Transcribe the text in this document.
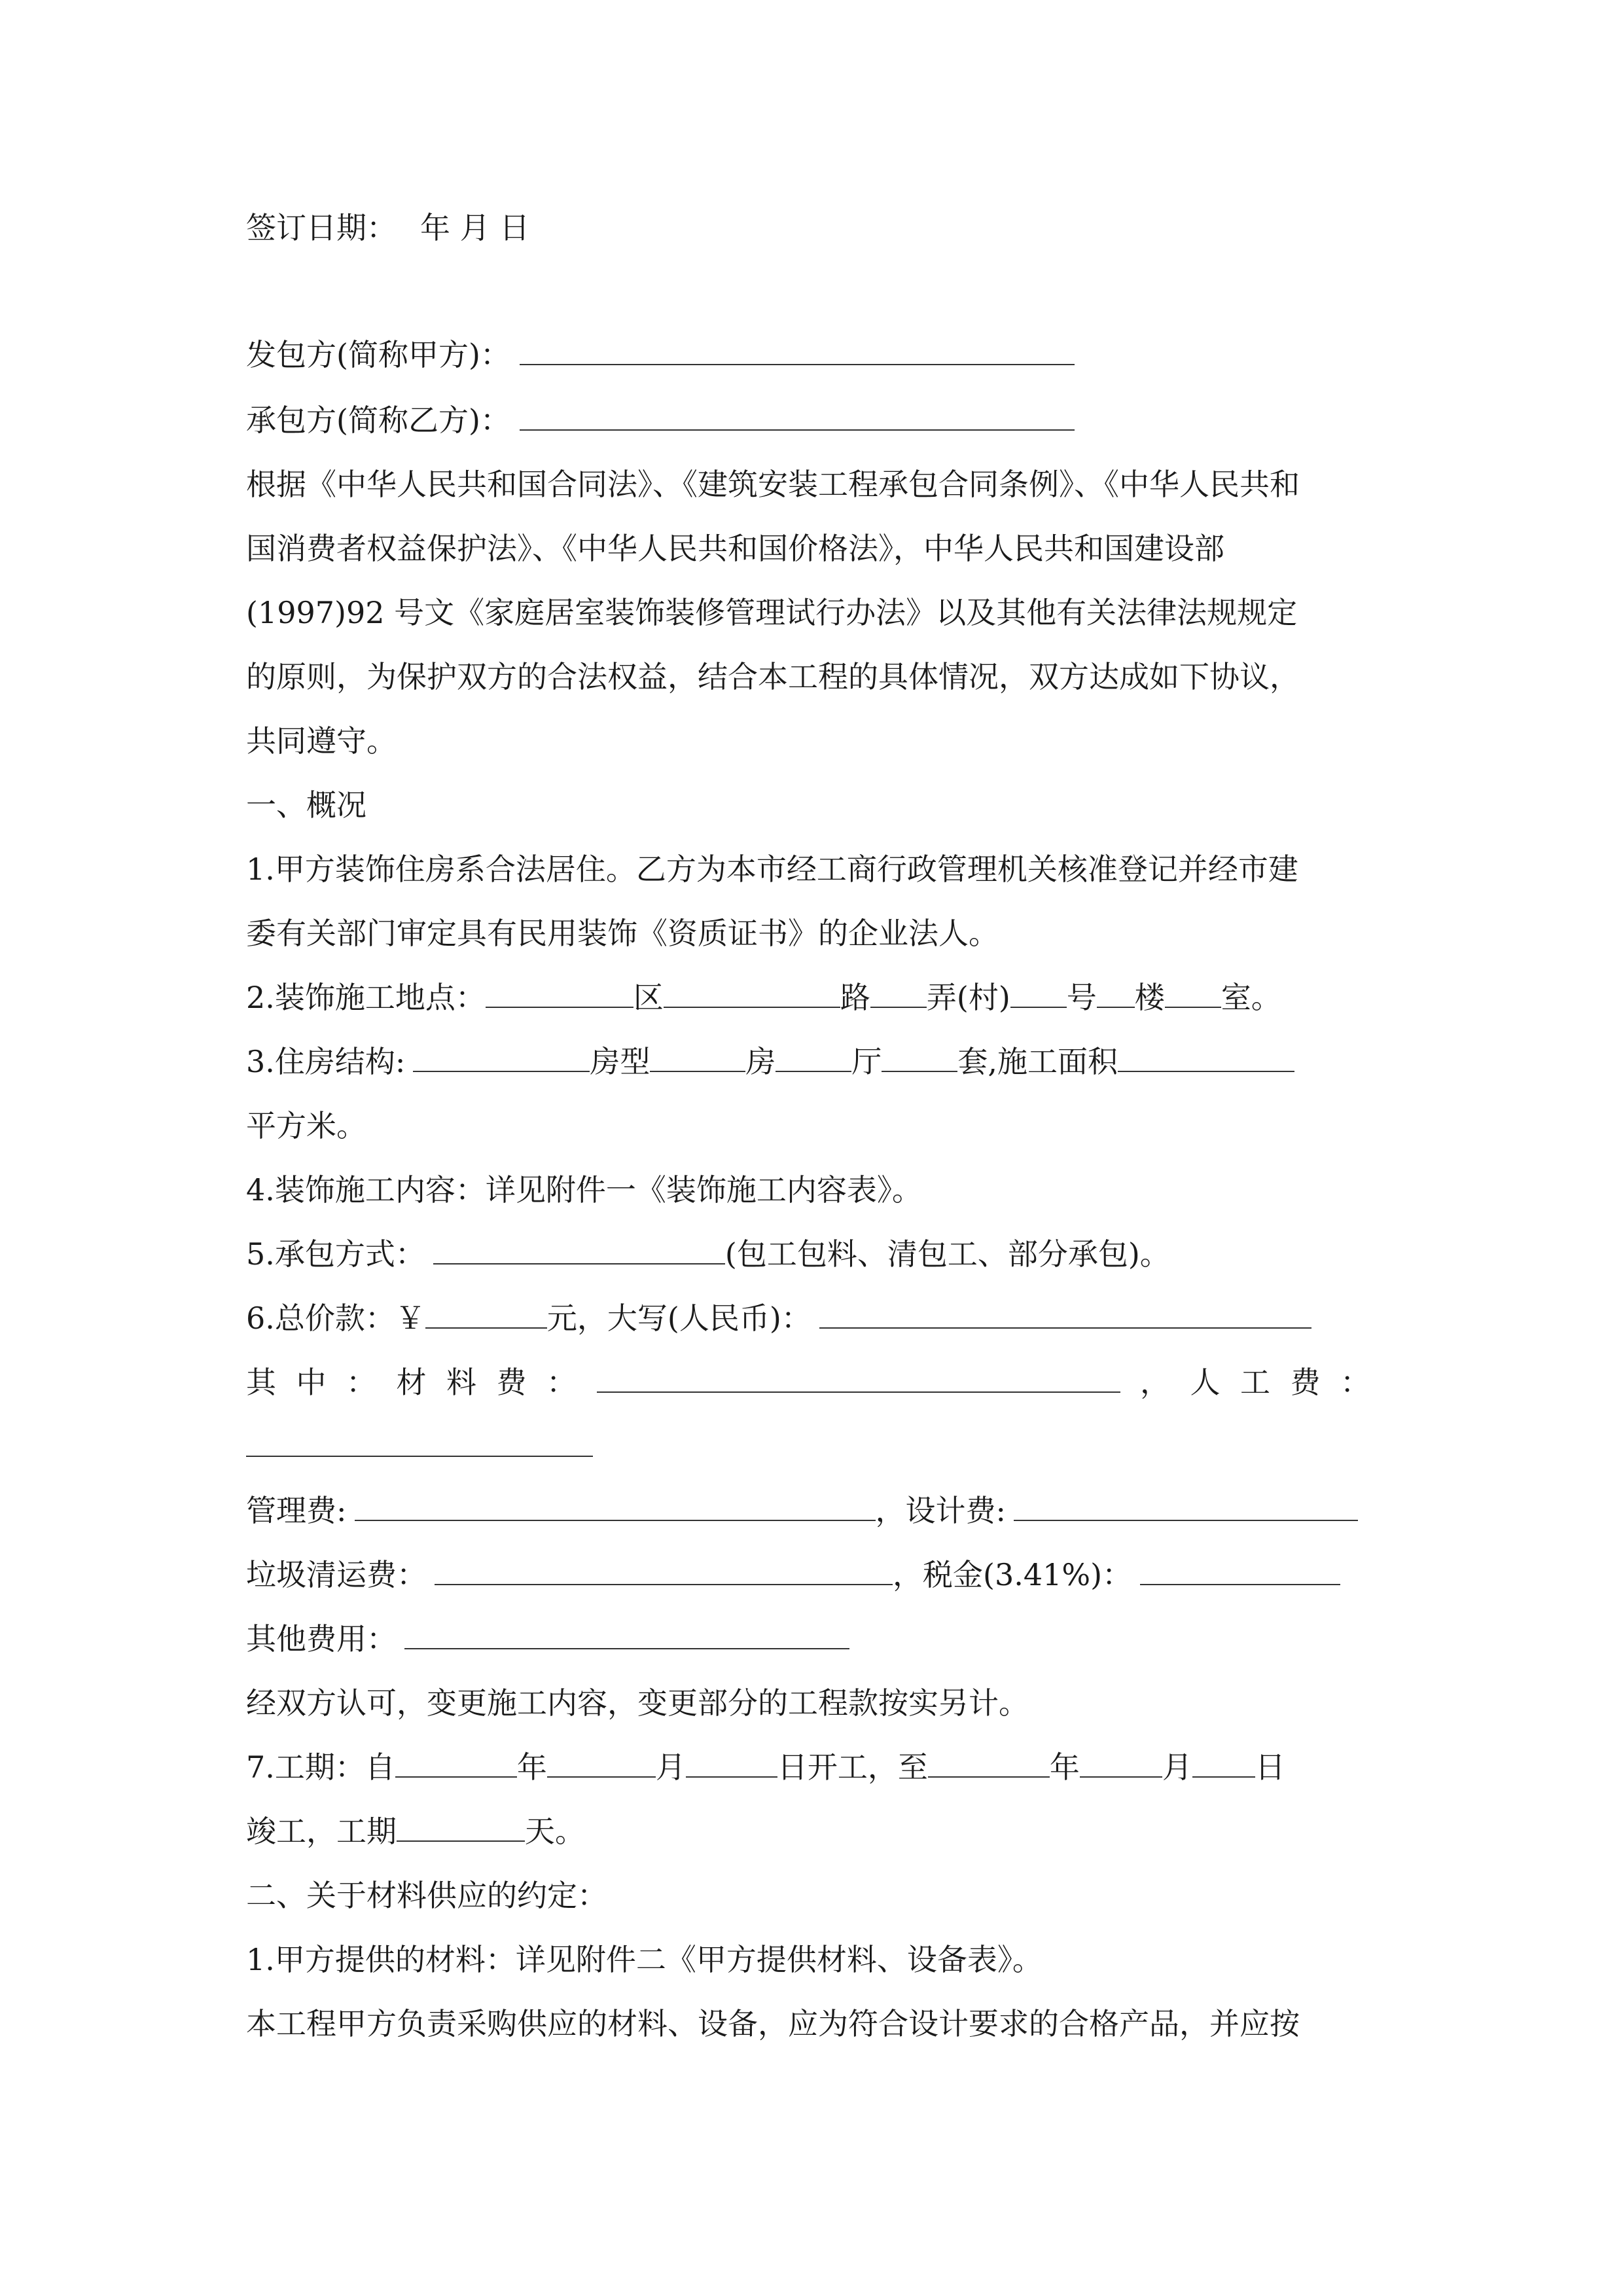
签订日期： 年 月 日
发包方(简称甲方)：
承包方(简称乙方)：
根据《中华人民共和国合同法》、《建筑安装工程承包合同条例》、《中华人民共和
国消费者权益保护法》、《中华人民共和国价格法》，中华人民共和国建设部
(1997)92 号文《家庭居室装饰装修管理试行办法》以及其他有关法律法规规定
的原则，为保护双方的合法权益，结合本工程的具体情况，双方达成如下协议，
共同遵守。
一、概况
1.甲方装饰住房系合法居住。乙方为本市经工商行政管理机关核准登记并经市建
委有关部门审定具有民用装饰《资质证书》的企业法人。
2.装饰施工地点：	区	路 弄(村) 号 楼 室。
3.住房结构:	房型	房	厅	套,施工面积
平方米。
4.装饰施工内容：详见附件一《装饰施工内容表》。
5.承包方式：	(包工包料、清包工、部分承包)。
6.总价款：￥	元，大写(人民币)：
其 中 ： 材 料 费 ：	， 人 工 费 ：
管理费:	，设计费:
垃圾清运费：	，税金(3.41%)：
其他费用：
经双方认可，变更施工内容，变更部分的工程款按实另计。
7.工期：自	年	月	日开工，至	年	月 日
竣工，工期	天。
二、关于材料供应的约定：
1.甲方提供的材料：详见附件二《甲方提供材料、设备表》。
本工程甲方负责采购供应的材料、设备，应为符合设计要求的合格产品，并应按
